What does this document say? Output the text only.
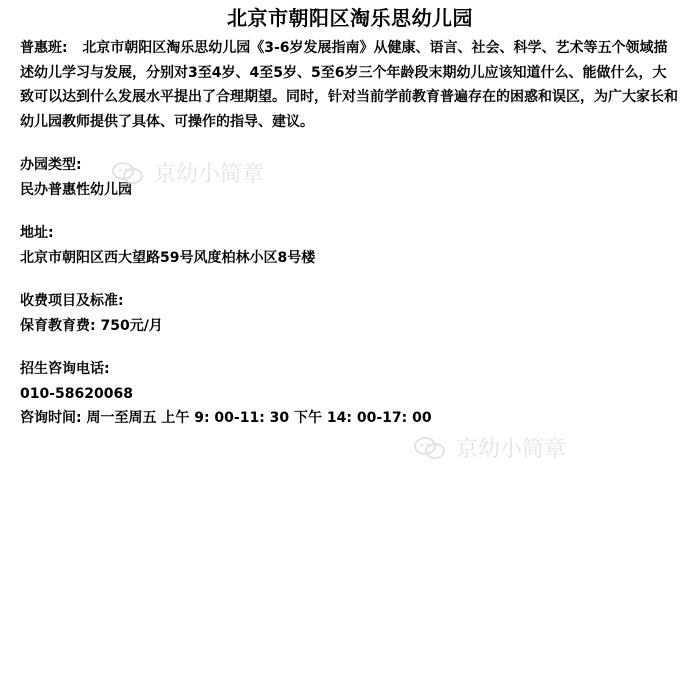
北京市朝阳区淘乐思幼儿园

普惠班: 北京市朝阳区淘乐思幼儿园《3-6岁发展指南》从健康、语言、社会、科学、艺术等五个领域描述幼儿学习与发展，分别对3至4岁、4至5岁、5至6岁三个年龄段末期幼儿应该知道什么、能做什么，大致可以达到什么发展水平提出了合理期望。同时，针对当前学前教育普遍存在的困惑和误区，为广大家长和幼儿园教师提供了具体、可操作的指导、建议。

办园类型:
民办普惠性幼儿园
地址:
北京市朝阳区西大望路59号风度柏林小区8号楼
收费项目及标准:
保育教育费: 750元/月
招生咨询电话:
010-58620068
咨询时间: 周一至周五 上午 9: 00-11: 30 下午 14: 00-17: 00
京幼小简章
京幼小简章
